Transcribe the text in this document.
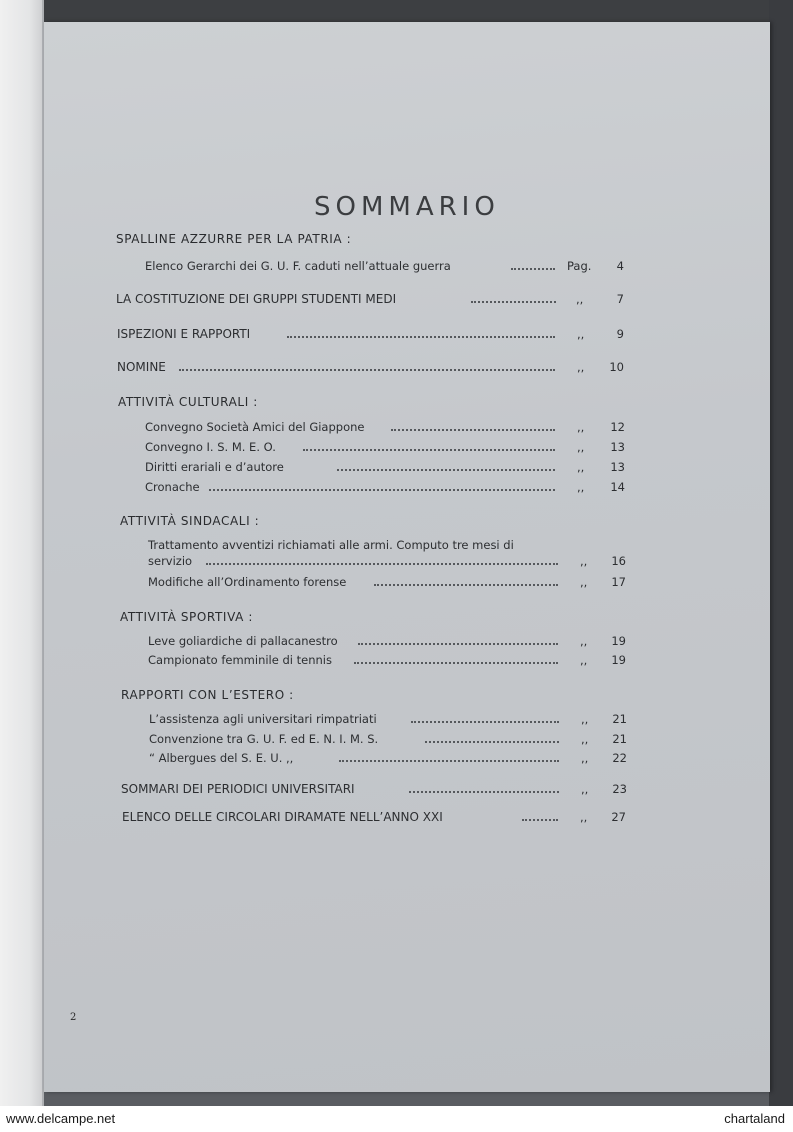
SOMMARIO
SPALLINE AZZURRE PER LA PATRIA :
Elenco Gerarchi dei G. U. F. caduti nell’attuale guerra	Pag.	4
LA COSTITUZIONE DEI GRUPPI STUDENTI MEDI	,,	7
ISPEZIONI E RAPPORTI	,,	9
NOMINE	,,	10
ATTIVITÀ CULTURALI :
Convegno Società Amici del Giappone	,,	12
Convegno I. S. M. E. O.	,,	13
Diritti erariali e d’autore	,,	13
Cronache	,,	14
ATTIVITÀ SINDACALI :
Trattamento avventizi richiamati alle armi. Computo tre mesi di
servizio	,,	16
Modifiche all’Ordinamento forense	,,	17
ATTIVITÀ SPORTIVA :
Leve goliardiche di pallacanestro	,,	19
Campionato femminile di tennis	,,	19
RAPPORTI CON L’ESTERO :
L’assistenza agli universitari rimpatriati	,,	21
Convenzione tra G. U. F. ed E. N. I. M. S.	,,	21
“ Albergues del S. E. U. ,,	,,	22
SOMMARI DEI PERIODICI UNIVERSITARI	,,	23
ELENCO DELLE CIRCOLARI DIRAMATE NELL’ANNO XXI	,,	27
2
www.delcampe.net	chartaland
